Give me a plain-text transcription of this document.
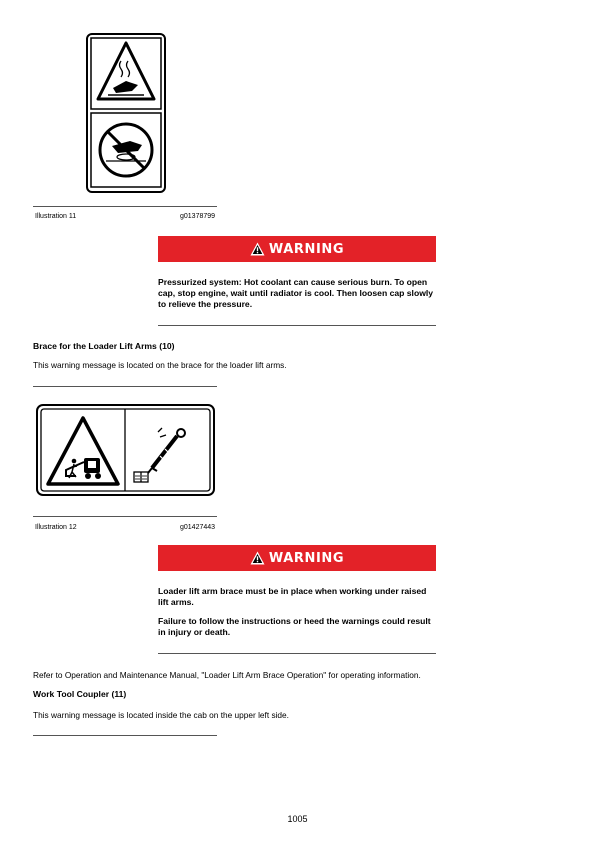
Illustration 11	g01378799
WARNING
Pressurized system: Hot coolant can cause serious burn. To open cap, stop engine, wait until radiator is cool. Then loosen cap slowly to relieve the pressure.
Brace for the Loader Lift Arms (10)
This warning message is located on the brace for the loader lift arms.
Illustration 12	g01427443
WARNING
Loader lift arm brace must be in place when working under raised lift arms.
Failure to follow the instructions or heed the warnings could result in injury or death.
Refer to Operation and Maintenance Manual, "Loader Lift Arm Brace Operation" for operating information.
Work Tool Coupler (11)
This warning message is located inside the cab on the upper left side.
1005
